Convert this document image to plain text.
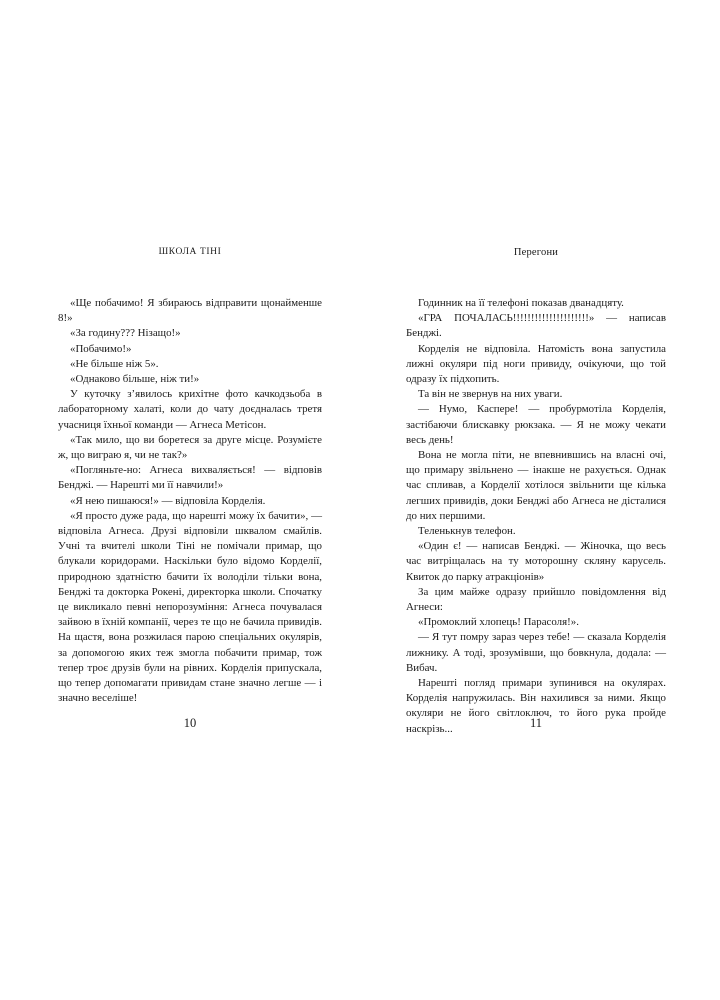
ШКОЛА ТІНІ

«Ще побачимо! Я збираюсь відправити щонайменше 8!»

«За годину??? Нізащо!»

«Побачимо!»

«Не більше ніж 5».

«Однаково більше, ніж ти!»

У куточку з’явилось крихітне фото качкодзьоба в лабораторному халаті, коли до чату доєдналась третя учасниця їхньої команди — Агнеса Метісон.

«Так мило, що ви боретеся за друге місце. Розумієте ж, що виграю я, чи не так?»

«Погляньте-но: Агнеса вихваляється! — відповів Бенджі. — Нарешті ми її навчили!»

«Я нею пишаюся!» — відповіла Корделія.

«Я просто дуже рада, що нарешті можу їх бачити», — відповіла Агнеса. Друзі відповіли шквалом смайлів. Учні та вчителі школи Тіні не помічали примар, що блукали коридорами. Наскільки було відомо Корделії, природною здатністю бачити їх володіли тільки вона, Бенджі та докторка Рокені, директорка школи. Спочатку це викликало певні непорозуміння: Агнеса почувалася зайвою в їхній компанії, через те що не бачила привидів. На щастя, вона розжилася парою спеціальних окулярів, за допомогою яких теж змогла побачити примар, тож тепер троє друзів були на рівних. Корделія припускала, що тепер допомагати привидам стане значно легше — і значно веселіше!

10
Перегони

Годинник на її телефоні показав дванадцяту.

«ГРА ПОЧАЛАСЬ!!!!!!!!!!!!!!!!!!!!!» — написав Бенджі.

Корделія не відповіла. Натомість вона запустила лижні окуляри під ноги привиду, очікуючи, що той одразу їх підхопить.

Та він не звернув на них уваги.

— Нумо, Каспере! — пробурмотіла Корделія, застібаючи блискавку рюкзака. — Я не можу чекати весь день!

Вона не могла піти, не впевнившись на власні очі, що примару звільнено — інакше не рахується. Однак час спливав, а Корделії хотілося звільнити ще кілька легших привидів, доки Бенджі або Агнеса не дісталися до них першими.

Теленькнув телефон.

«Один є! — написав Бенджі. — Жіночка, що весь час витріщалась на ту моторошну скляну карусель. Квиток до парку атракціонів»

За цим майже одразу прийшло повідомлення від Агнеси:

«Промоклий хлопець! Парасоля!».

— Я тут помру зараз через тебе! — сказала Корделія лижнику. А тоді, зрозумівши, що бовкнула, додала: — Вибач.

Нарешті погляд примари зупинився на окулярах. Корделія напружилась. Він нахилився за ними. Якщо окуляри не його світлоключ, то його рука пройде наскрізь...	11
